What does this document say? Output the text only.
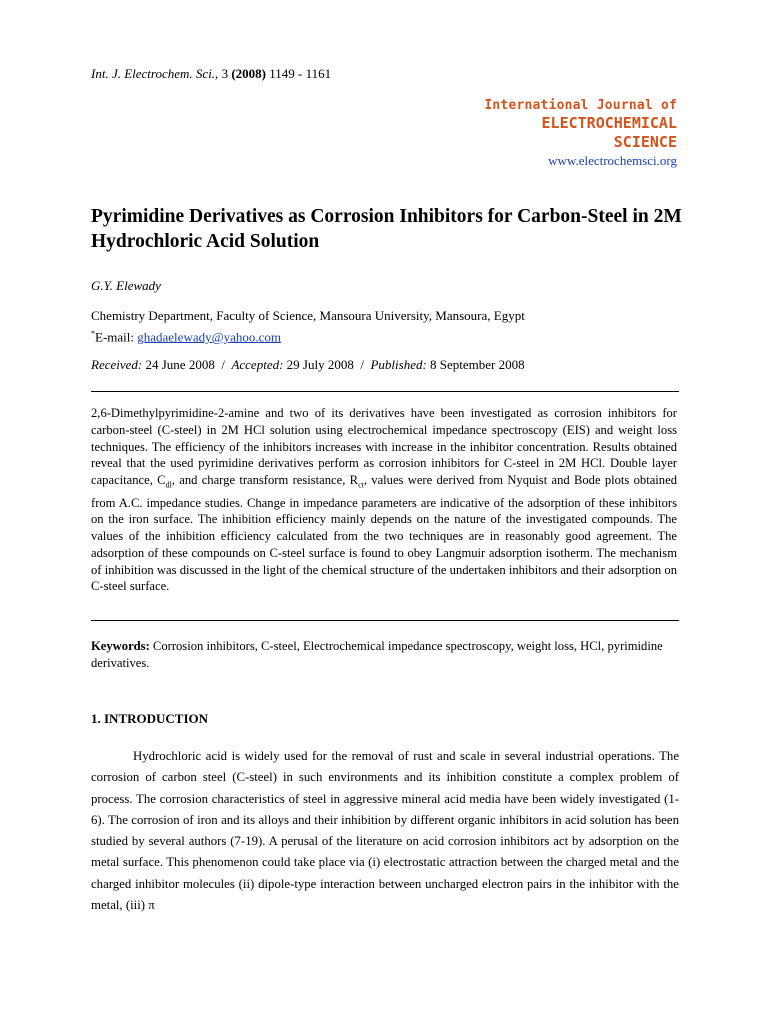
Int. J. Electrochem. Sci., 3 (2008) 1149 - 1161
International Journal of
ELECTROCHEMICAL
SCIENCE
www.electrochemsci.org
Pyrimidine Derivatives as Corrosion Inhibitors for Carbon-Steel in 2M Hydrochloric Acid Solution
G.Y. Elewady
Chemistry Department, Faculty of Science, Mansoura University, Mansoura, Egypt
*E-mail: ghadaelewady@yahoo.com
Received: 24 June 2008 / Accepted: 29 July 2008 / Published: 8 September 2008
2,6-Dimethylpyrimidine-2-amine and two of its derivatives have been investigated as corrosion inhibitors for carbon-steel (C-steel) in 2M HCl solution using electrochemical impedance spectroscopy (EIS) and weight loss techniques. The efficiency of the inhibitors increases with increase in the inhibitor concentration. Results obtained reveal that the used pyrimidine derivatives perform as corrosion inhibitors for C-steel in 2M HCl. Double layer capacitance, $C_{dl}$, and charge transform resistance, $R_{ct}$, values were derived from Nyquist and Bode plots obtained from A.C. impedance studies. Change in impedance parameters are indicative of the adsorption of these inhibitors on the iron surface. The inhibition efficiency mainly depends on the nature of the investigated compounds. The values of the inhibition efficiency calculated from the two techniques are in reasonably good agreement. The adsorption of these compounds on C-steel surface is found to obey Langmuir adsorption isotherm. The mechanism of inhibition was discussed in the light of the chemical structure of the undertaken inhibitors and their adsorption on C-steel surface.
Keywords: Corrosion inhibitors, C-steel, Electrochemical impedance spectroscopy, weight loss, HCl, pyrimidine derivatives.
1. INTRODUCTION
Hydrochloric acid is widely used for the removal of rust and scale in several industrial operations. The corrosion of carbon steel (C-steel) in such environments and its inhibition constitute a complex problem of process. The corrosion characteristics of steel in aggressive mineral acid media have been widely investigated (1-6). The corrosion of iron and its alloys and their inhibition by different organic inhibitors in acid solution has been studied by several authors (7-19). A perusal of the literature on acid corrosion inhibitors act by adsorption on the metal surface. This phenomenon could take place via (i) electrostatic attraction between the charged metal and the charged inhibitor molecules (ii) dipole-type interaction between uncharged electron pairs in the inhibitor with the metal, (iii) π
